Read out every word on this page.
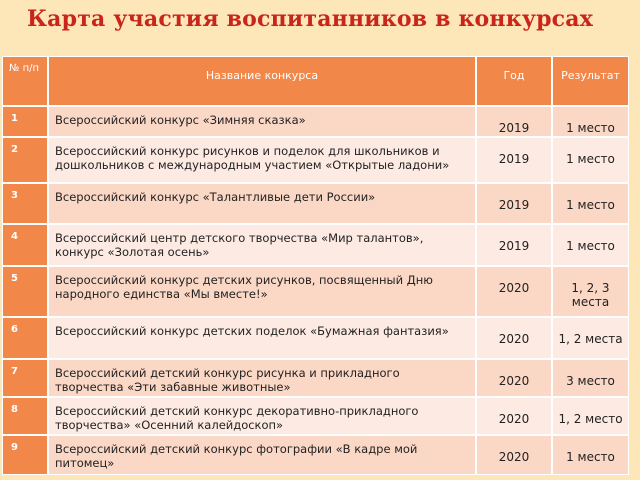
Карта участия воспитанников в конкурсах
№ п/п	Название конкурса	Год	Результат
1	Всероссийский конкурс «Зимняя сказка»	2019	1 место
2	Всероссийский конкурс рисунков и поделок для школьников и дошкольников с международным участием «Открытые ладони»	2019	1 место
3	Всероссийский конкурс «Талантливые дети России»	2019	1 место
4	Всероссийский центр детского творчества «Мир талантов», конкурс «Золотая осень»	2019	1 место
5	Всероссийский конкурс детских рисунков, посвященный Дню народного единства «Мы вместе!»	2020	1, 2, 3 места
6	Всероссийский конкурс детских поделок «Бумажная фантазия»	2020	1, 2 места
7	Всероссийский детский конкурс рисунка и прикладного творчества «Эти забавные животные»	2020	3 место
8	Всероссийский детский конкурс декоративно-прикладного творчества» «Осенний калейдоскоп»	2020	1, 2 место
9	Всероссийский детский конкурс фотографии «В кадре мой питомец»	2020	1 место
